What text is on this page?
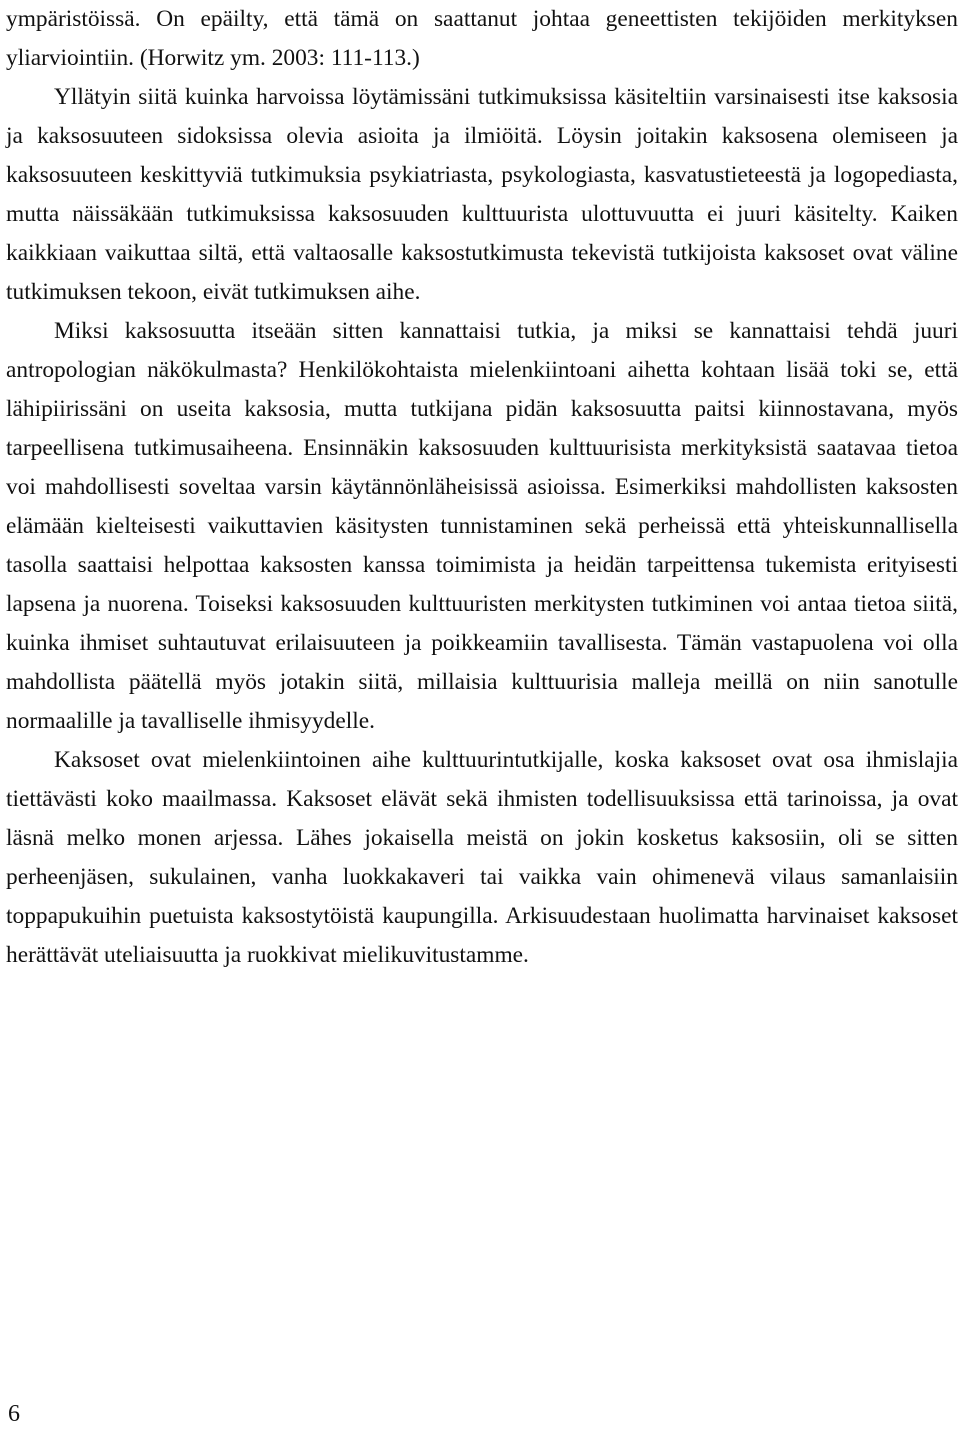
ympäristöissä. On epäilty, että tämä on saattanut johtaa geneettisten tekijöiden merkityksen yliarviointiin. (Horwitz ym. 2003: 111-113.)

Yllätyin siitä kuinka harvoissa löytämissäni tutkimuksissa käsiteltiin varsinaisesti itse kaksosia ja kaksosuuteen sidoksissa olevia asioita ja ilmiöitä. Löysin joitakin kaksosena olemiseen ja kaksosuuteen keskittyviä tutkimuksia psykiatriasta, psykologiasta, kasvatustieteestä ja logopediasta, mutta näissäkään tutkimuksissa kaksosuuden kulttuurista ulottuvuutta ei juuri käsitelty. Kaiken kaikkiaan vaikuttaa siltä, että valtaosalle kaksostutkimusta tekevistä tutkijoista kaksoset ovat väline tutkimuksen tekoon, eivät tutkimuksen aihe.

Miksi kaksosuutta itseään sitten kannattaisi tutkia, ja miksi se kannattaisi tehdä juuri antropologian näkökulmasta? Henkilökohtaista mielenkiintoani aihetta kohtaan lisää toki se, että lähipiirissäni on useita kaksosia, mutta tutkijana pidän kaksosuutta paitsi kiinnostavana, myös tarpeellisena tutkimusaiheena. Ensinnäkin kaksosuuden kulttuurisista merkityksistä saatavaa tietoa voi mahdollisesti soveltaa varsin käytännönläheisissä asioissa. Esimerkiksi mahdollisten kaksosten elämään kielteisesti vaikuttavien käsitysten tunnistaminen sekä perheissä että yhteiskunnallisella tasolla saattaisi helpottaa kaksosten kanssa toimimista ja heidän tarpeittensa tukemista erityisesti lapsena ja nuorena. Toiseksi kaksosuuden kulttuuristen merkitysten tutkiminen voi antaa tietoa siitä, kuinka ihmiset suhtautuvat erilaisuuteen ja poikkeamiin tavallisesta. Tämän vastapuolena voi olla mahdollista päätellä myös jotakin siitä, millaisia kulttuurisia malleja meillä on niin sanotulle normaalille ja tavalliselle ihmisyydelle.

Kaksoset ovat mielenkiintoinen aihe kulttuurintutkijalle, koska kaksoset ovat osa ihmislajia tiettävästi koko maailmassa. Kaksoset elävät sekä ihmisten todellisuuksissa että tarinoissa, ja ovat läsnä melko monen arjessa. Lähes jokaisella meistä on jokin kosketus kaksosiin, oli se sitten perheenjäsen, sukulainen, vanha luokkakaveri tai vaikka vain ohimenevä vilaus samanlaisiin toppapukuihin puetuista kaksostytöistä kaupungilla. Arkisuudestaan huolimatta harvinaiset kaksoset herättävät uteliaisuutta ja ruokkivat mielikuvitustamme.

6
